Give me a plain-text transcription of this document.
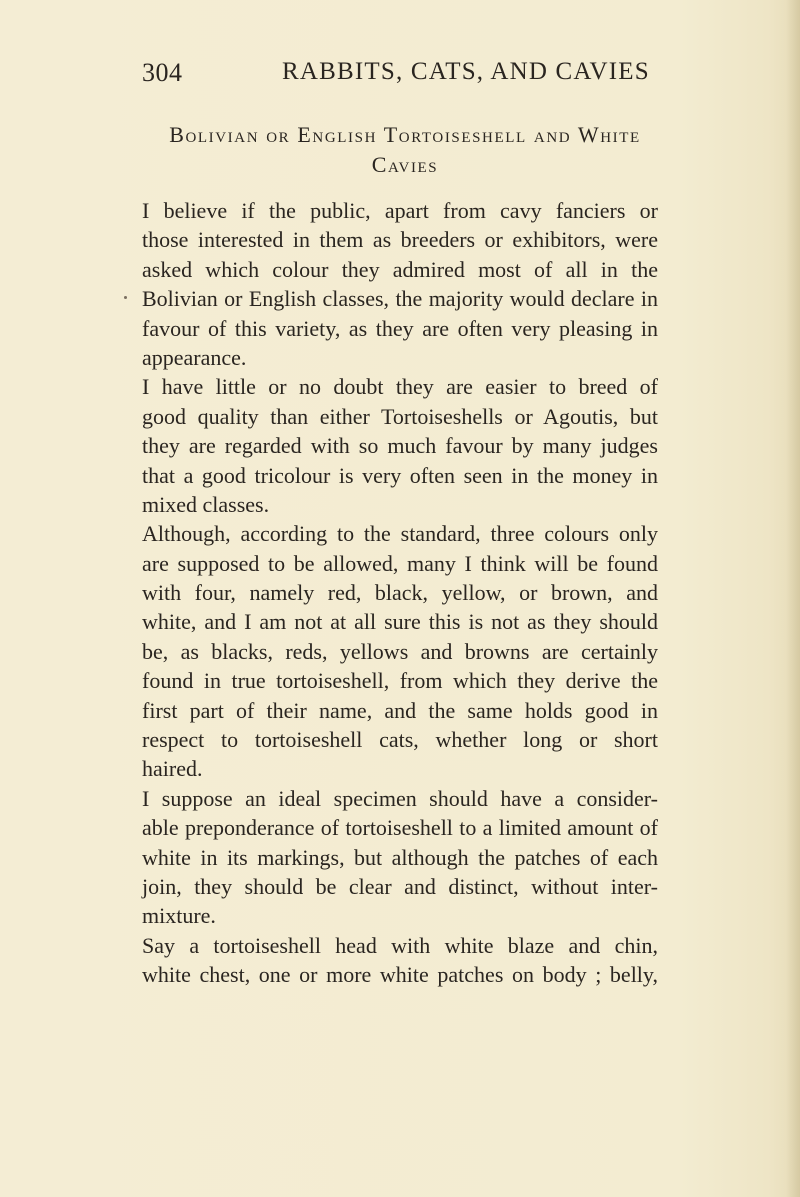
304	RABBITS, CATS, AND CAVIES
Bolivian or English Tortoiseshell and White
Cavies
I believe if the public, apart from cavy fanciers or
those interested in them as breeders or exhibitors, were
asked which colour they admired most of all in the
Bolivian or English classes, the majority would declare in
favour of this variety, as they are often very pleasing in
appearance.
I have little or no doubt they are easier to breed of
good quality than either Tortoiseshells or Agoutis, but
they are regarded with so much favour by many judges
that a good tricolour is very often seen in the money in
mixed classes.
Although, according to the standard, three colours only
are supposed to be allowed, many I think will be found
with four, namely red, black, yellow, or brown, and
white, and I am not at all sure this is not as they should
be, as blacks, reds, yellows and browns are certainly
found in true tortoiseshell, from which they derive the
first part of their name, and the same holds good in
respect to tortoiseshell cats, whether long or short
haired.
I suppose an ideal specimen should have a consider-
able preponderance of tortoiseshell to a limited amount of
white in its markings, but although the patches of each
join, they should be clear and distinct, without inter-
mixture.
Say a tortoiseshell head with white blaze and chin,
white chest, one or more white patches on body ; belly,
